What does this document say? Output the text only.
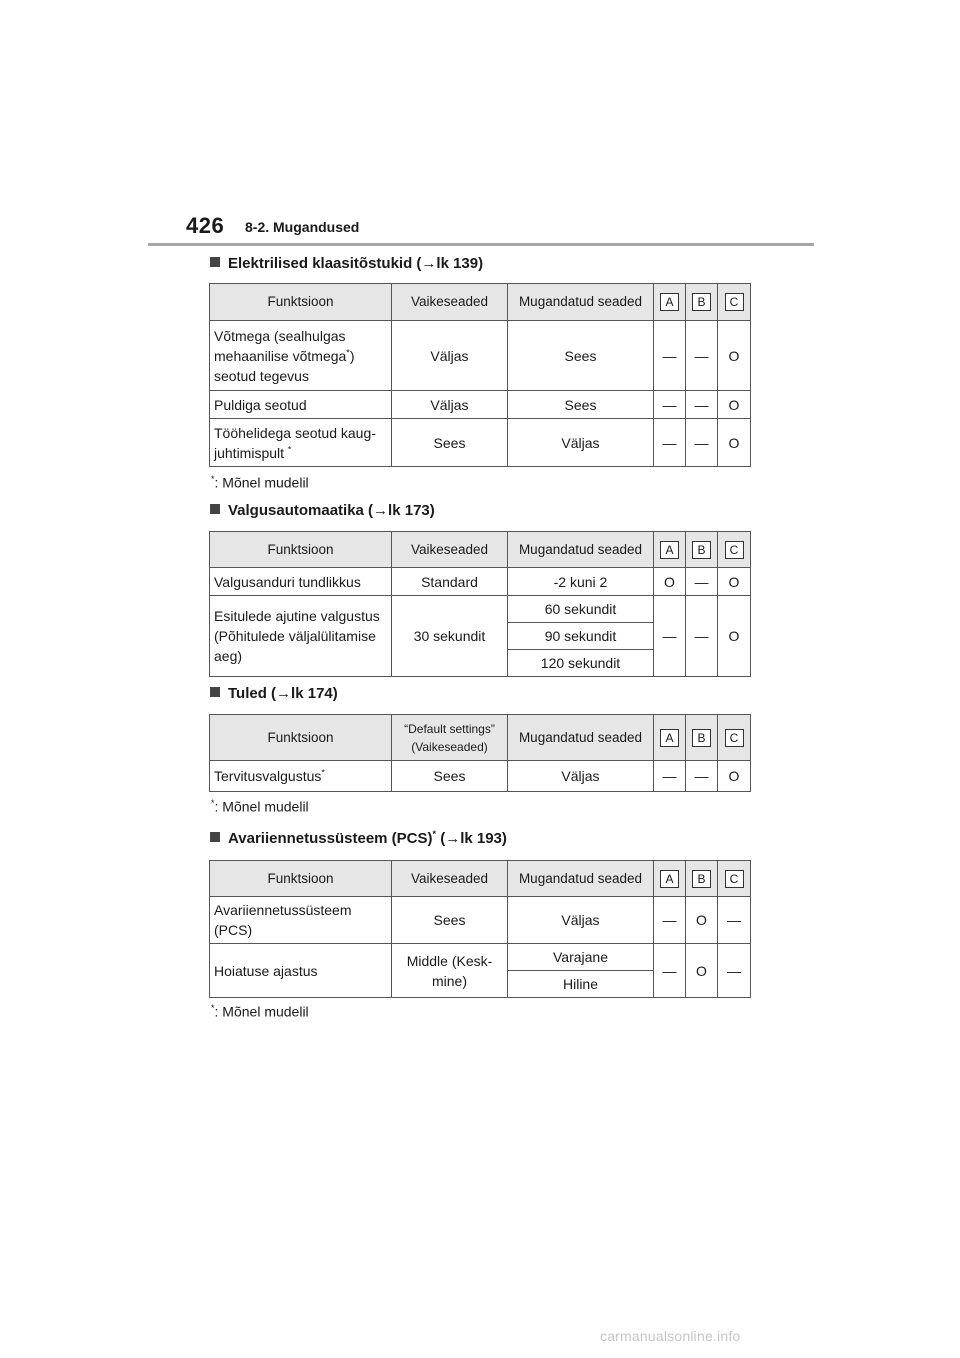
426 8-2. Mugandused
Elektrilised klaasitõstukid (→lk 139)
Funktsioon	Vaikeseaded	Mugandatud seaded	A	B	C
Võtmega (sealhulgas
mehaanilise võtmega*)
seotud tegevus	Väljas	Sees	—	—	O
Puldiga seotud	Väljas	Sees	—	—	O
Tööhelidega seotud kaug-
juhtimispult *	Sees	Väljas	—	—	O
*: Mõnel mudelil
Valgusautomaatika (→lk 173)
Funktsioon	Vaikeseaded	Mugandatud seaded	A	B	C
Valgusanduri tundlikkus	Standard	-2 kuni 2	O	—	O
Esitulede ajutine valgustus
(Põhitulede väljalülitamise
aeg)	30 sekundit	60 sekundit	—	—	O
		90 sekundit			
		120 sekundit			
Tuled (→lk 174)
Funktsioon	“Default settings”
(Vaikeseaded)	Mugandatud seaded	A	B	C
Tervitusvalgustus*	Sees	Väljas	—	—	O
*: Mõnel mudelil
Avariiennetussüsteem (PCS)* (→lk 193)
Funktsioon	Vaikeseaded	Mugandatud seaded	A	B	C
Avariiennetussüsteem
(PCS)	Sees	Väljas	—	O	—
Hoiatuse ajastus	Middle (Kesk-
mine)	Varajane	—	O	—
		Hiline			
*: Mõnel mudelil
carmanualsonline.info
